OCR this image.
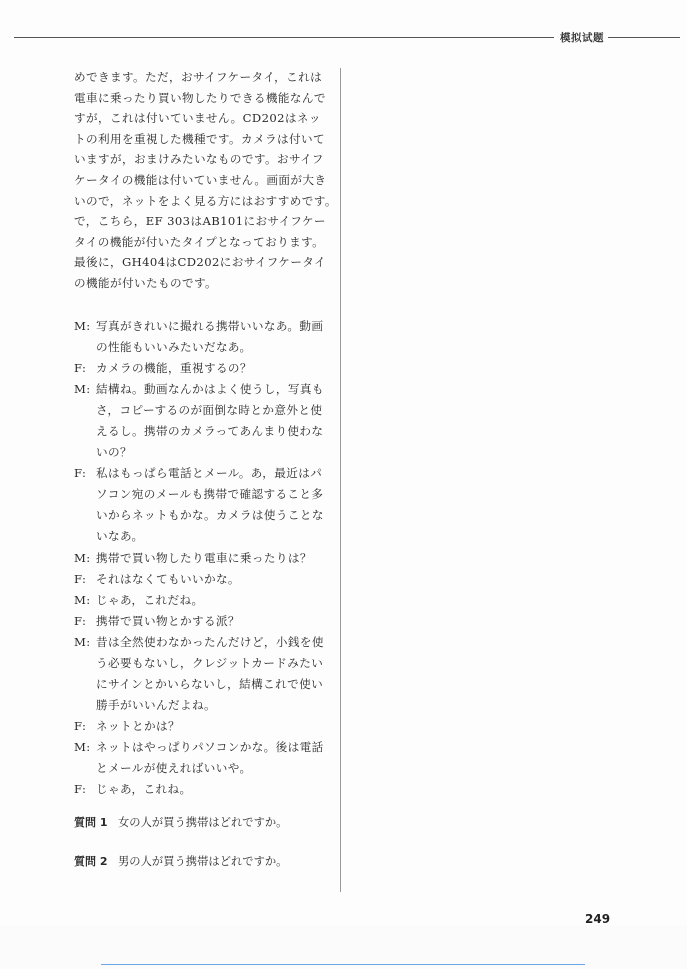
模拟试题
めできます。ただ，おサイフケータイ，これは
電車に乗ったり買い物したりできる機能なんで
すが，これは付いていません。CD202はネッ
トの利用を重視した機種です。カメラは付いて
いますが，おまけみたいなものです。おサイフ
ケータイの機能は付いていません。画面が大き
いので，ネットをよく見る方にはおすすめです。
で，こちら，EF 303はAB101におサイフケー
タイの機能が付いたタイプとなっております。
最後に，GH404はCD202におサイフケータイ
の機能が付いたものです。
M: 写真がきれいに撮れる携帯いいなあ。動画
の性能もいいみたいだなあ。
F: カメラの機能，重視するの？
M: 結構ね。動画なんかはよく使うし，写真も
さ，コピーするのが面倒な時とか意外と使
えるし。携帯のカメラってあんまり使わな
いの？
F: 私はもっぱら電話とメール。あ，最近はパ
ソコン宛のメールも携帯で確認すること多
いからネットもかな。カメラは使うことな
いなあ。
M: 携帯で買い物したり電車に乗ったりは？
F: それはなくてもいいかな。
M: じゃあ，これだね。
F: 携帯で買い物とかする派？
M: 昔は全然使わなかったんだけど，小銭を使
う必要もないし，クレジットカードみたい
にサインとかいらないし，結構これで使い
勝手がいいんだよね。
F: ネットとかは？
M: ネットはやっぱりパソコンかな。後は電話
とメールが使えればいいや。
F: じゃあ，これね。
質問 1 女の人が買う携帯はどれですか。
質問 2 男の人が買う携帯はどれですか。
249
